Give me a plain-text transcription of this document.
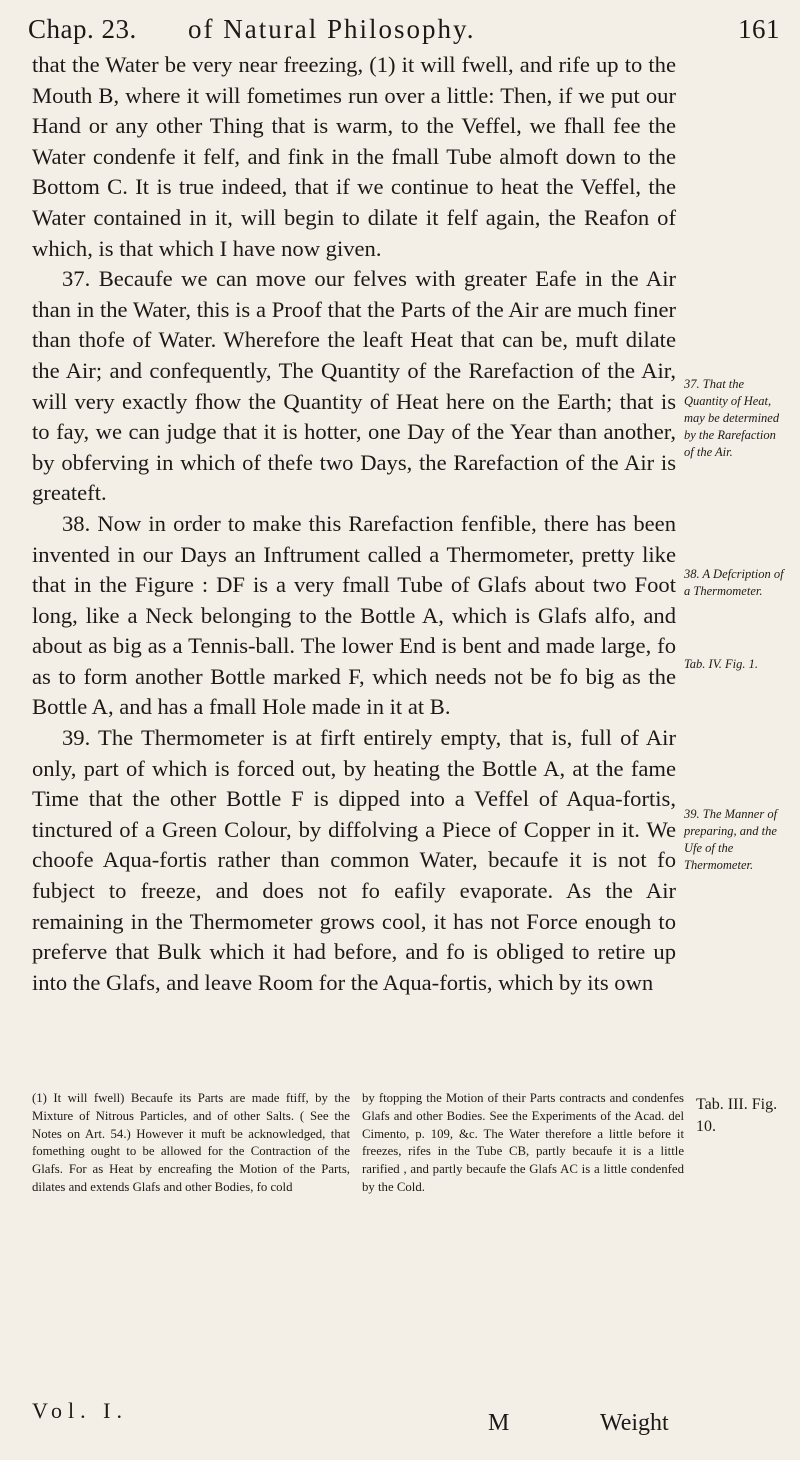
Chap. 23. of Natural Philosophy.	161

that the Water be very near freezing, (1) it will fwell, and rife up to the Mouth B, where it will fometimes run over a little: Then, if we put our Hand or any other Thing that is warm, to the Veffel, we fhall fee the Water condenfe it felf, and fink in the fmall Tube almoft down to the Bottom C. It is true indeed, that if we continue to heat the Veffel, the Water contained in it, will begin to dilate it felf again, the Reafon of which, is that which I have now given.

37. Becaufe we can move our felves with greater Eafe in the Air than in the Water, this is a Proof that the Parts of the Air are much finer than thofe of Water. Wherefore the leaft Heat that can be, muft dilate the Air; and confequently, The Quantity of the Rarefaction of the Air, will very exactly fhow the Quantity of Heat here on the Earth; that is to fay, we can judge that it is hotter, one Day of the Year than another, by obferving in which of thefe two Days, the Rarefaction of the Air is greateft.

38. Now in order to make this Rarefaction fenfible, there has been invented in our Days an Inftrument called a Thermometer, pretty like that in the Figure : DF is a very fmall Tube of Glafs about two Foot long, like a Neck belonging to the Bottle A, which is Glafs alfo, and about as big as a Tennis-ball. The lower End is bent and made large, fo as to form another Bottle marked F, which needs not be fo big as the Bottle A, and has a fmall Hole made in it at B.

39. The Thermometer is at firft entirely empty, that is, full of Air only, part of which is forced out, by heating the Bottle A, at the fame Time that the other Bottle F is dipped into a Veffel of Aqua-fortis, tinctured of a Green Colour, by diffolving a Piece of Copper in it. We choofe Aqua-fortis rather than common Water, becaufe it is not fo fubject to freeze, and does not fo eafily evaporate. As the Air remaining in the Thermometer grows cool, it has not Force enough to preferve that Bulk which it had before, and fo is obliged to retire up into the Glafs, and leave Room for the Aqua-fortis, which by its own

37. That the Quantity of Heat, may be determined by the Rarefaction of the Air.
38. A Defcription of a Thermometer.
Tab. IV. Fig. 1.
39. The Manner of preparing, and the Ufe of the Thermometer.
(1) It will fwell) Becaufe its Parts are made ftiff, by the Mixture of Nitrous Particles, and of other Salts. ( See the Notes on Art. 54.) However it muft be acknowledged, that fomething ought to be allowed for the Contraction of the Glafs. For as Heat by encreafing the Motion of the Parts, dilates and extends Glafs and other Bodies, fo cold
by ftopping the Motion of their Parts contracts and condenfes Glafs and other Bodies. See the Experiments of the Acad. del Cimento, p. 109, &c. The Water therefore a little before it freezes, rifes in the Tube CB, partly becaufe it is a little rarified , and partly becaufe the Glafs AC is a little condenfed by the Cold.
Tab. III. Fig. 10.
Vol. I.	M	Weight
